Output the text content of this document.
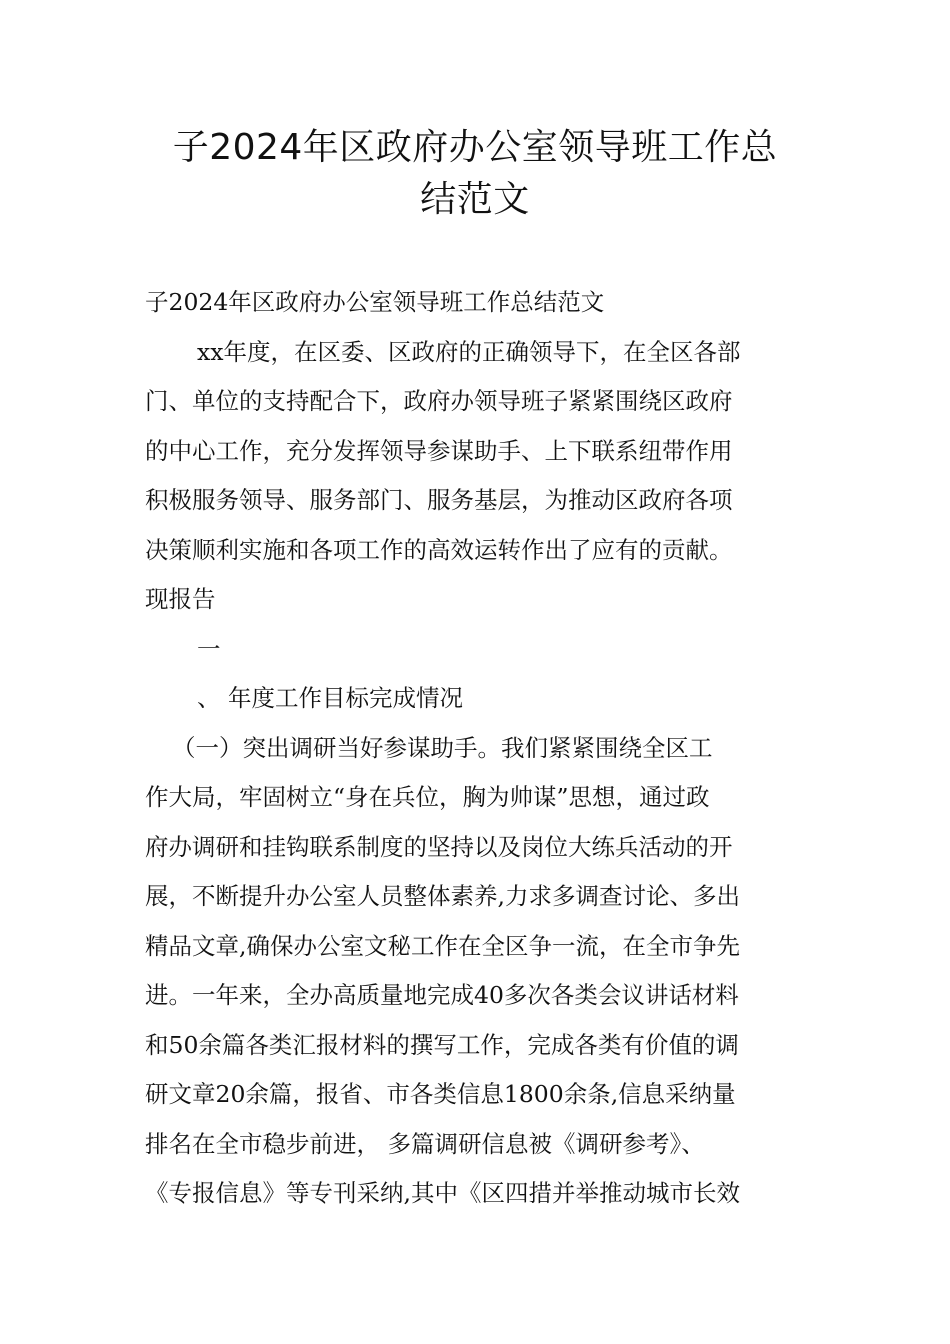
子2024年区政府办公室领导班工作总
结范文
子2024年区政府办公室领导班工作总结范文
xx年度，在区委、区政府的正确领导下，在全区各部
门、单位的支持配合下，政府办领导班子紧紧围绕区政府
的中心工作，充分发挥领导参谋助手、上下联系纽带作用
积极服务领导、服务部门、服务基层，为推动区政府各项
决策顺利实施和各项工作的高效运转作出了应有的贡献。
现报告
一
、 年度工作目标完成情况
（一）突出调研当好参谋助手。我们紧紧围绕全区工
作大局，牢固树立“身在兵位，胸为帅谋”思想，通过政
府办调研和挂钩联系制度的坚持以及岗位大练兵活动的开
展，不断提升办公室人员整体素养,力求多调查讨论、多出
精品文章,确保办公室文秘工作在全区争一流，在全市争先
进。一年来，全办高质量地完成40多次各类会议讲话材料
和50余篇各类汇报材料的撰写工作，完成各类有价值的调
研文章20余篇，报省、市各类信息1800余条,信息采纳量
排名在全市稳步前进， 多篇调研信息被《调研参考》、
《专报信息》等专刊采纳,其中《区四措并举推动城市长效
